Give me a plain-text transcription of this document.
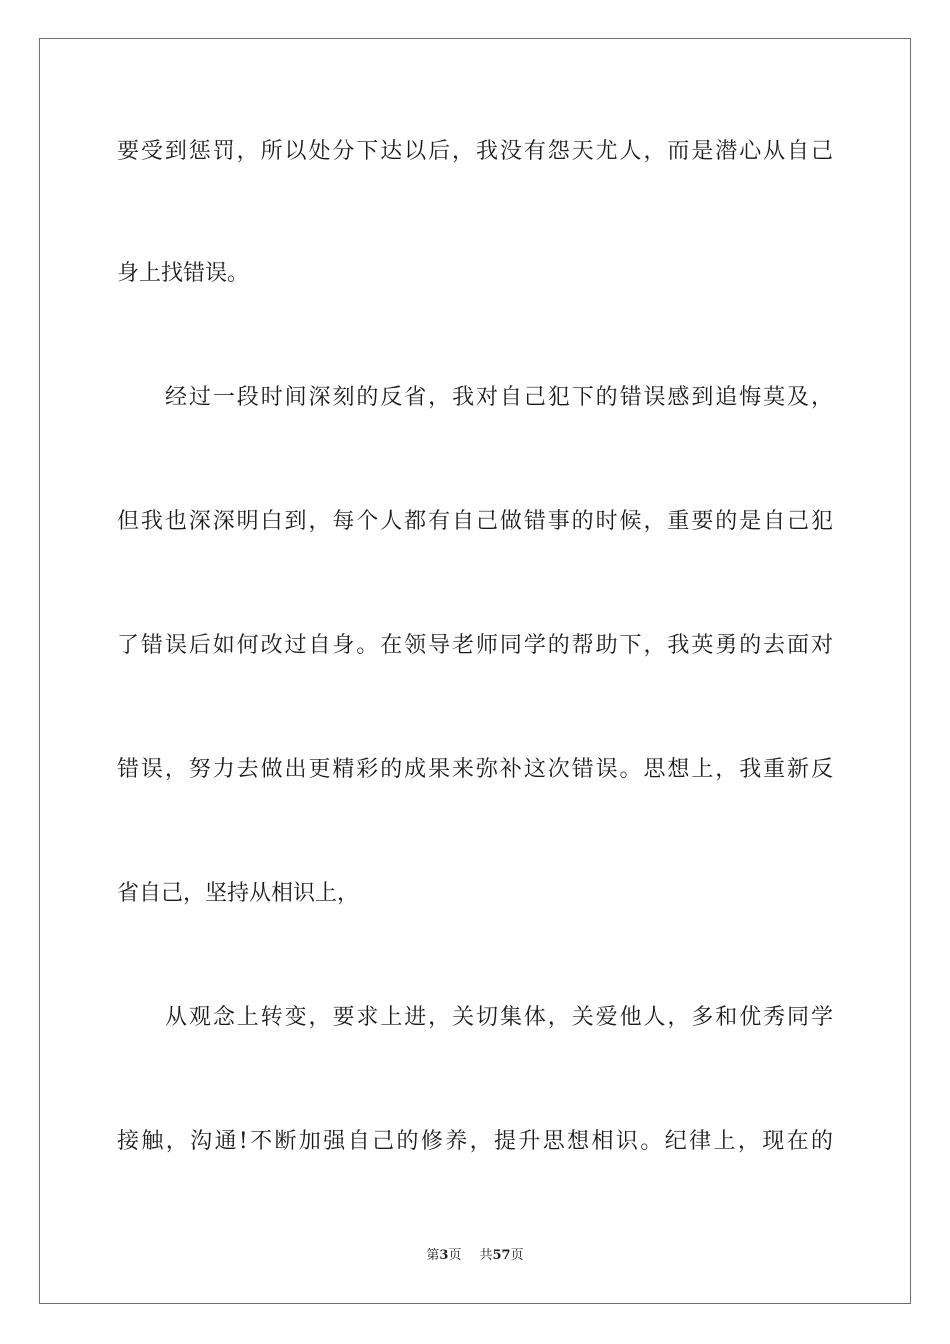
要受到惩罚，所以处分下达以后，我没有怨天尤人，而是潜心从自己
身上找错误。
经过一段时间深刻的反省，我对自己犯下的错误感到追悔莫及，
但我也深深明白到，每个人都有自己做错事的时候，重要的是自己犯
了错误后如何改过自身。在领导老师同学的帮助下，我英勇的去面对
错误，努力去做出更精彩的成果来弥补这次错误。思想上，我重新反
省自己，坚持从相识上，
从观念上转变，要求上进，关切集体，关爱他人，多和优秀同学
接触，沟通!不断加强自己的修养，提升思想相识。纪律上，现在的
第3页 共57页
